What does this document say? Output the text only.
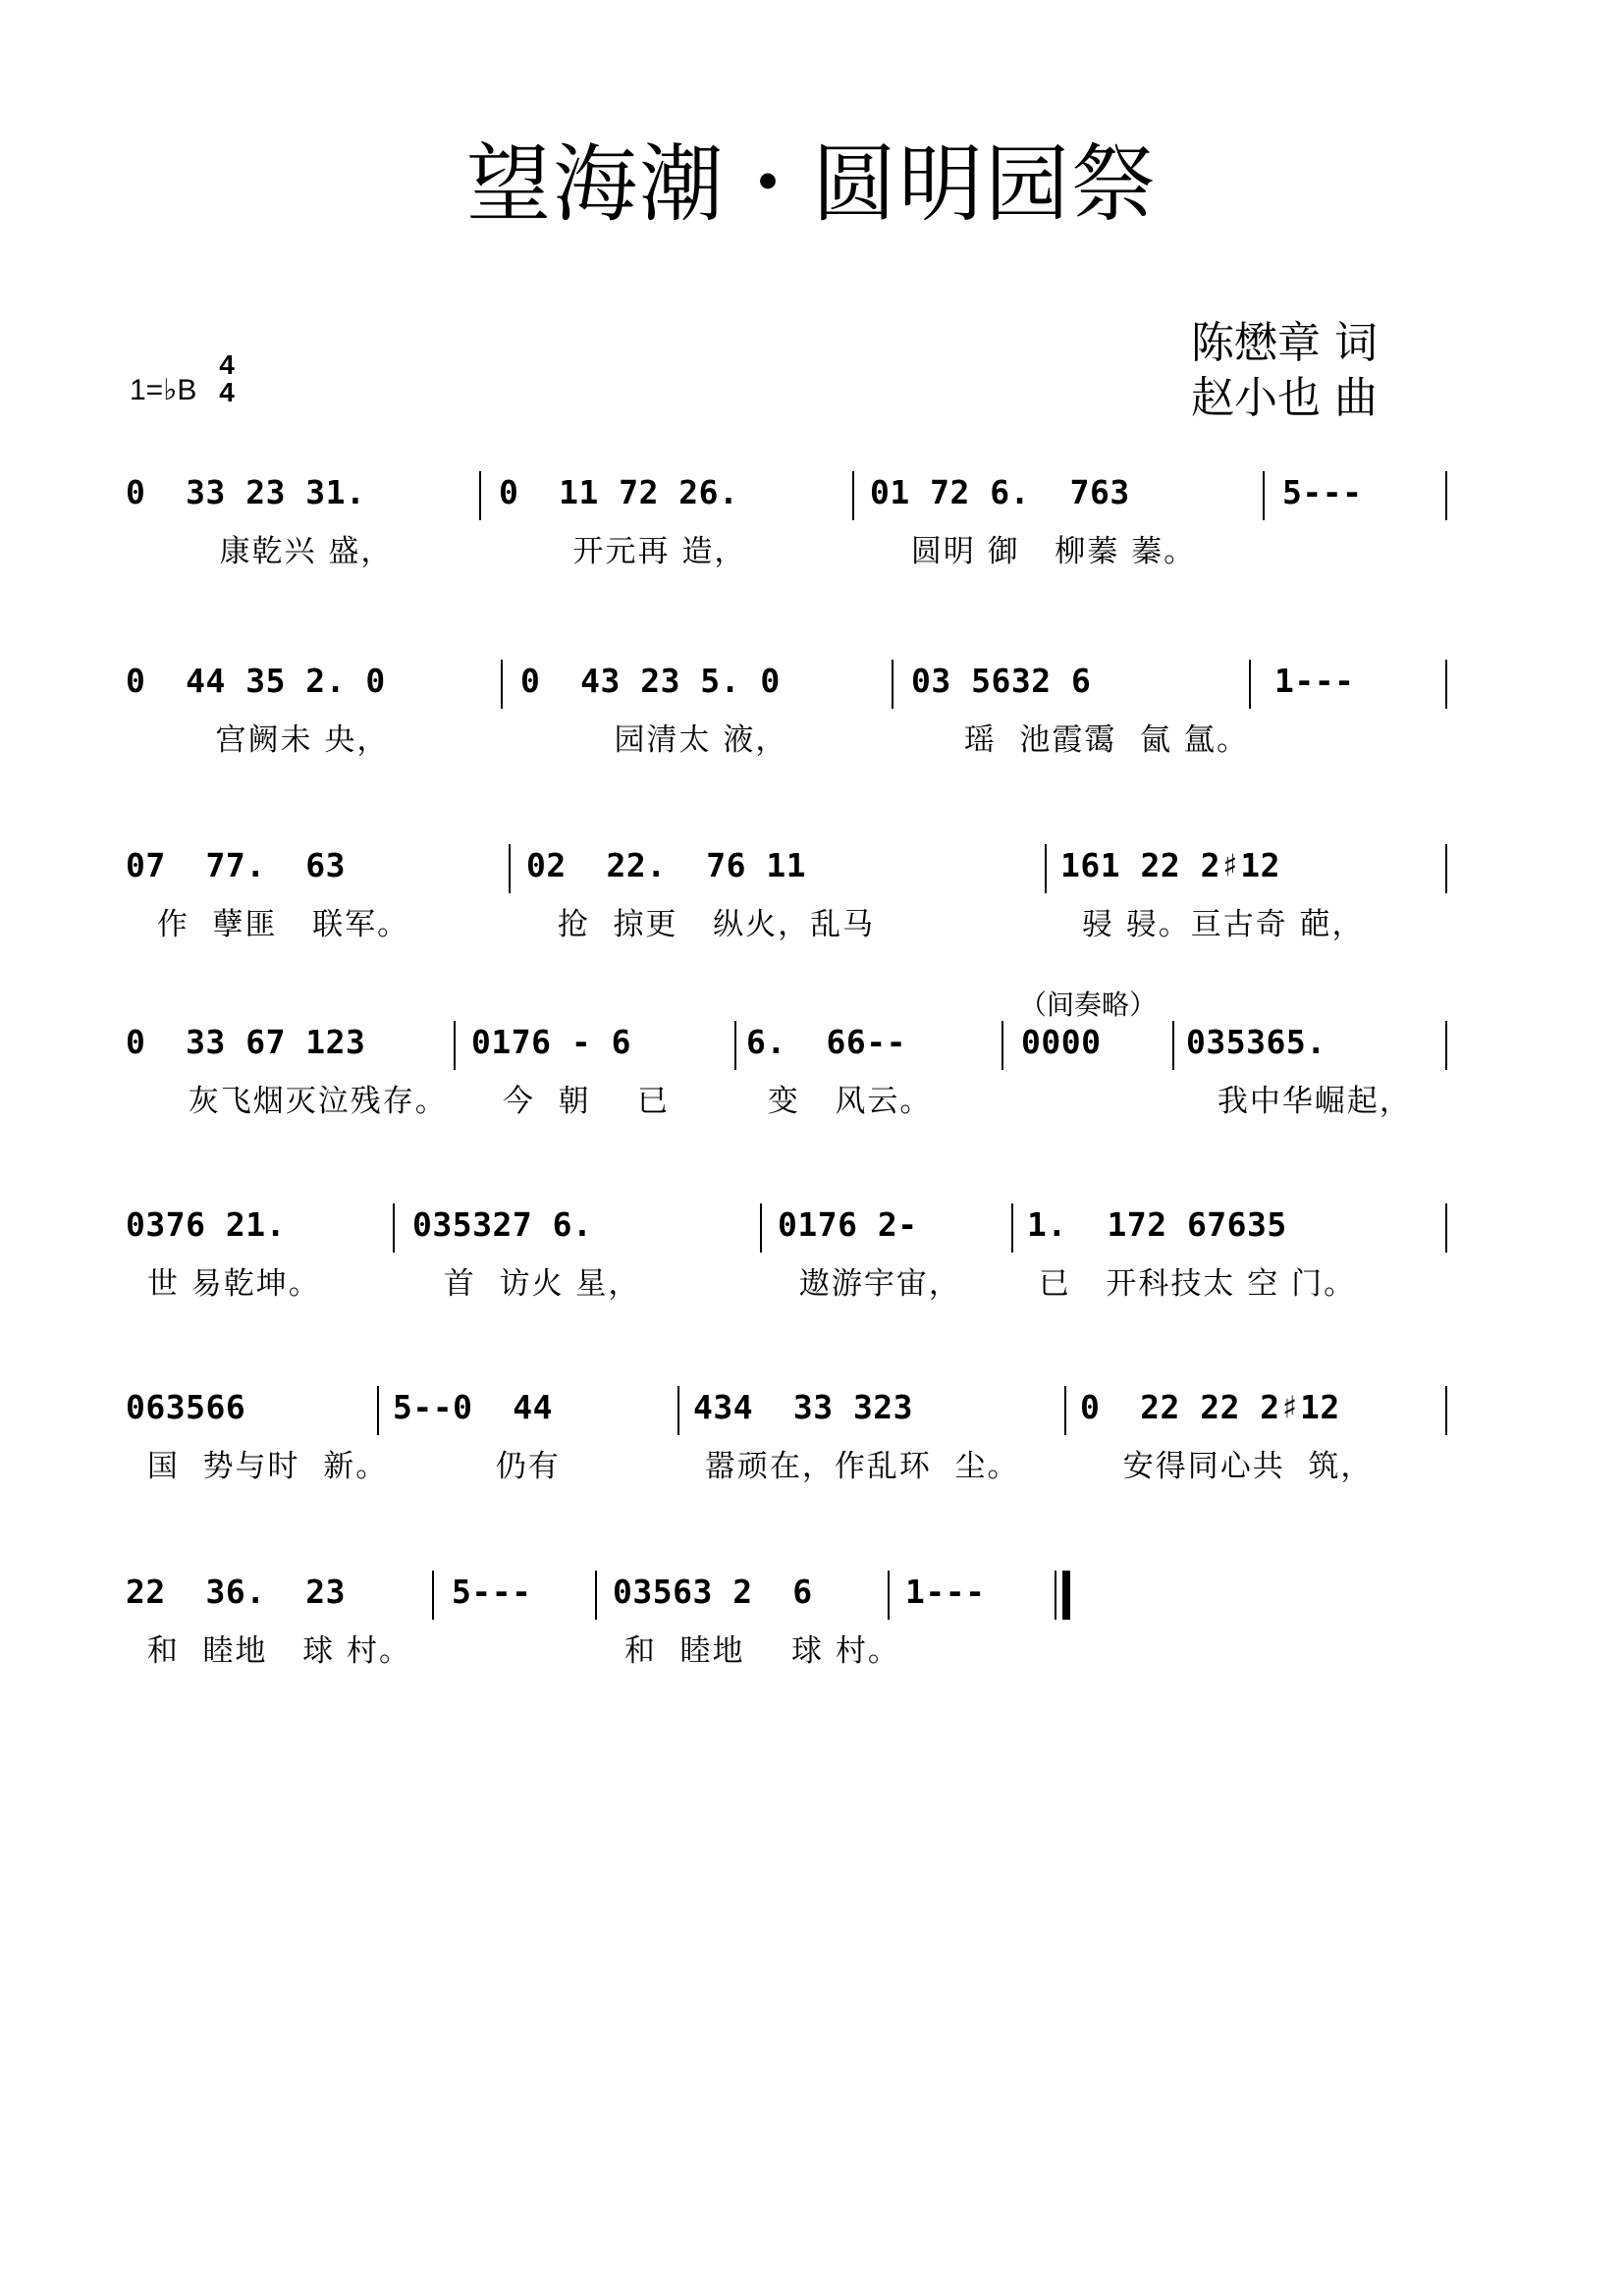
望海潮・圆明园祭
1=♭B
4
4
陈懋章 词
赵小也 曲
0  33 23 31.
康乾兴 盛，
0  11 72 26.
开元再 造，
01 72 6.  763
圆明 御   柳蓁 蓁。
5---
0  44 35 2. 0
宫阙未 央，
0  43 23 5. 0
园清太 液，
03 5632 6
瑶  池霞霭  氤 氲。
1---
07  77.  63
作  孽匪   联军。
02  22.  76 11
抢  掠更   纵火，乱马
161 22 2♯12
骎 骎。亘古奇 葩，
（间奏略）
0  33 67 123
灰飞烟灭泣残存。
0176 - 6
今  朝    已
6.  66--
变   风云。
0000	035365.
我中华崛起，
0376 21.
世 易乾坤。
035327 6.
首  访火 星，
0176 2-
遨游宇宙，
1.  172 67635
已   开科技太 空 门。
063566
国  势与时  新。
5--0  44
仍有
434  33 323
嚣顽在，作乱环  尘。
0  22 22 2♯12
安得同心共  筑，
22  36.  23
和  睦地   球 村。
5---	03563 2  6
和  睦地    球 村。
1---
